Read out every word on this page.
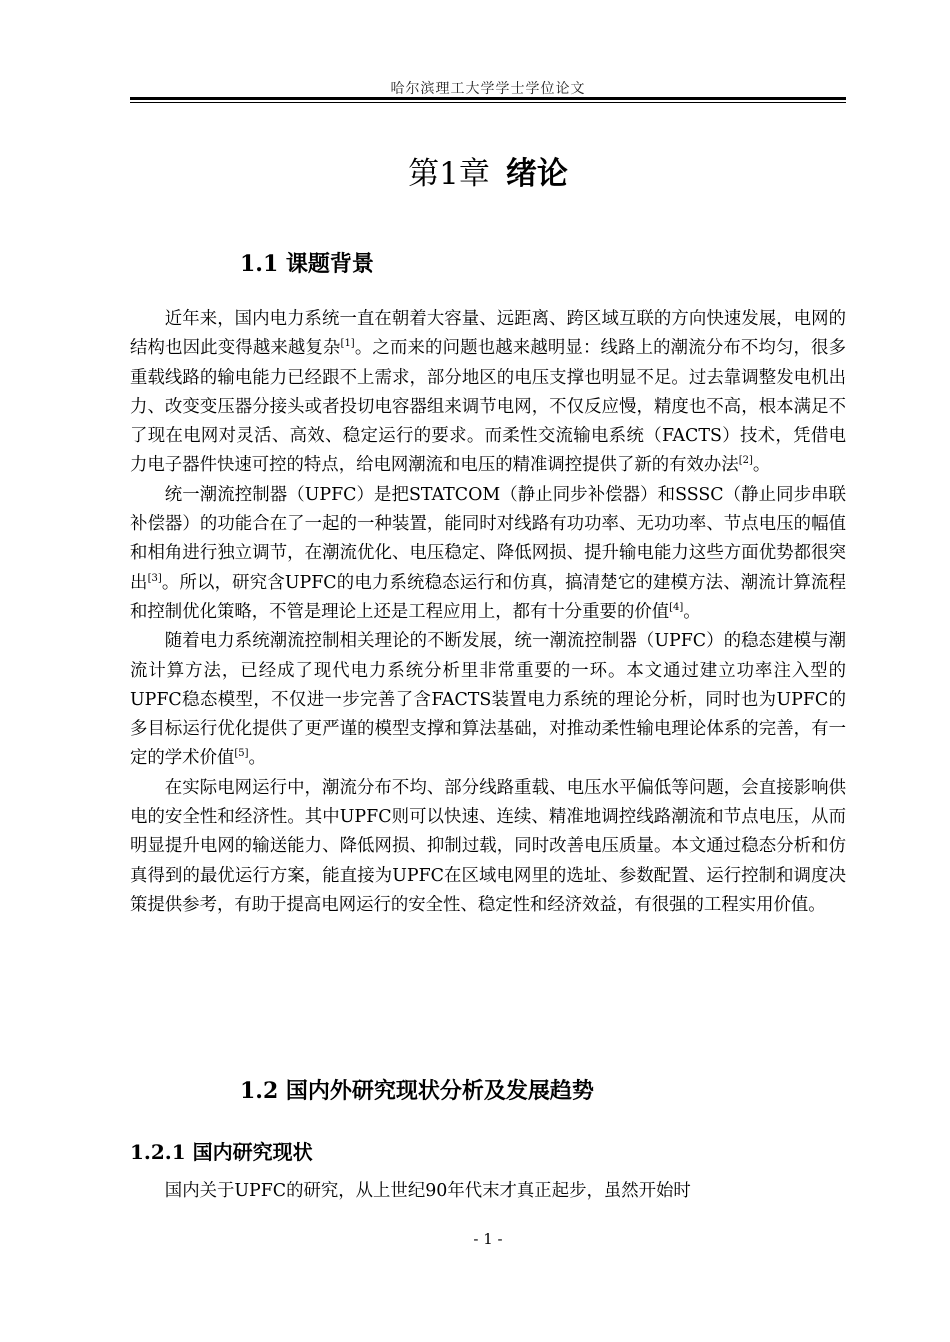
哈尔滨理工大学学士学位论文
第1章 绪论
1.1 课题背景

近年来，国内电力系统一直在朝着大容量、远距离、跨区域互联的方向快速发展，电网的结构也因此变得越来越复杂[1]。之而来的问题也越来越明显：线路上的潮流分布不均匀，很多重载线路的输电能力已经跟不上需求，部分地区的电压支撑也明显不足。过去靠调整发电机出力、改变变压器分接头或者投切电容器组来调节电网，不仅反应慢，精度也不高，根本满足不了现在电网对灵活、高效、稳定运行的要求。而柔性交流输电系统（FACTS）技术，凭借电力电子器件快速可控的特点，给电网潮流和电压的精准调控提供了新的有效办法[2]。

统一潮流控制器（UPFC）是把STATCOM（静止同步补偿器）和SSSC（静止同步串联补偿器）的功能合在了一起的一种装置，能同时对线路有功功率、无功功率、节点电压的幅值和相角进行独立调节，在潮流优化、电压稳定、降低网损、提升输电能力这些方面优势都很突出[3]。所以，研究含UPFC的电力系统稳态运行和仿真，搞清楚它的建模方法、潮流计算流程和控制优化策略，不管是理论上还是工程应用上，都有十分重要的价值[4]。

随着电力系统潮流控制相关理论的不断发展，统一潮流控制器（UPFC）的稳态建模与潮流计算方法，已经成了现代电力系统分析里非常重要的一环。本文通过建立功率注入型的UPFC稳态模型，不仅进一步完善了含FACTS装置电力系统的理论分析，同时也为UPFC的多目标运行优化提供了更严谨的模型支撑和算法基础，对推动柔性输电理论体系的完善，有一定的学术价值[5]。

在实际电网运行中，潮流分布不均、部分线路重载、电压水平偏低等问题，会直接影响供电的安全性和经济性。其中UPFC则可以快速、连续、精准地调控线路潮流和节点电压，从而明显提升电网的输送能力、降低网损、抑制过载，同时改善电压质量。本文通过稳态分析和仿真得到的最优运行方案，能直接为UPFC在区域电网里的选址、参数配置、运行控制和调度决策提供参考，有助于提高电网运行的安全性、稳定性和经济效益，有很强的工程实用价值。

1.2 国内外研究现状分析及发展趋势
1.2.1 国内研究现状
国内关于UPFC的研究，从上世纪90年代末才真正起步，虽然开始时
- 1 -
